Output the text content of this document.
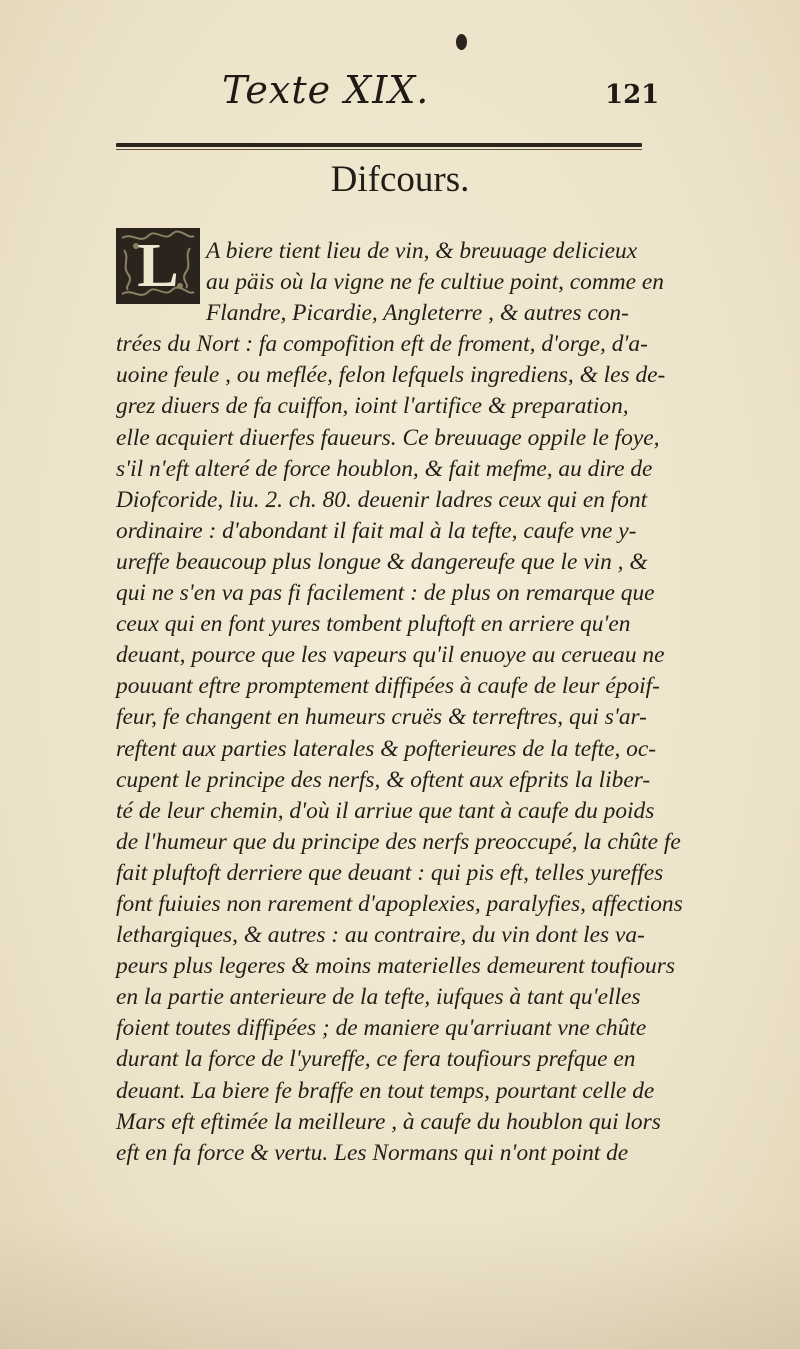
Texte XIX.	121
Difcours.
L	A biere tient lieu de vin, & breuuage delicieux
au päis où la vigne ne fe cultiue point, comme en
Flandre, Picardie, Angleterre , & autres con-
trées du Nort : fa compofition eft de froment, d'orge, d'a-
uoine feule , ou meflée, felon lefquels ingrediens, & les de-
grez diuers de fa cuiffon, ioint l'artifice & preparation,
elle acquiert diuerfes faueurs. Ce breuuage oppile le foye,
s'il n'eft alteré de force houblon, & fait mefme, au dire de
Diofcoride, liu. 2. ch. 80. deuenir ladres ceux qui en font
ordinaire : d'abondant il fait mal à la tefte, caufe vne y-
ureffe beaucoup plus longue & dangereufe que le vin , &
qui ne s'en va pas fi facilement : de plus on remarque que
ceux qui en font yures tombent pluftoft en arriere qu'en
deuant, pource que les vapeurs qu'il enuoye au cerueau ne
pouuant eftre promptement diffipées à caufe de leur époif-
feur, fe changent en humeurs cruës & terreftres, qui s'ar-
reftent aux parties laterales & pofterieures de la tefte, oc-
cupent le principe des nerfs, & oftent aux efprits la liber-
té de leur chemin, d'où il arriue que tant à caufe du poids
de l'humeur que du principe des nerfs preoccupé, la chûte fe
fait pluftoft derriere que deuant : qui pis eft, telles yureffes
font fuiuies non rarement d'apoplexies, paralyfies, affections
lethargiques, & autres : au contraire, du vin dont les va-
peurs plus legeres & moins materielles demeurent toufiours
en la partie anterieure de la tefte, iufques à tant qu'elles
foient toutes diffipées ; de maniere qu'arriuant vne chûte
durant la force de l'yureffe, ce fera toufiours prefque en
deuant. La biere fe braffe en tout temps, pourtant celle de
Mars eft eftimée la meilleure , à caufe du houblon qui lors
eft en fa force & vertu. Les Normans qui n'ont point de
